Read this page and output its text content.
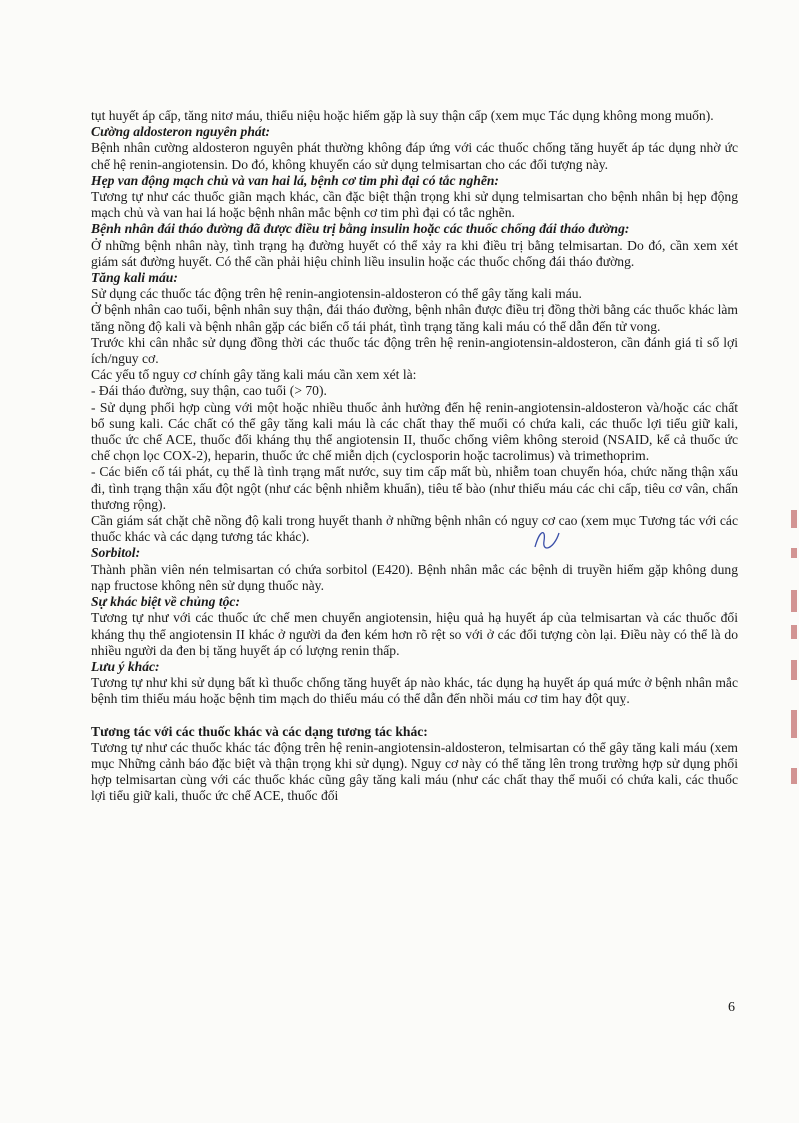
tụt huyết áp cấp, tăng nitơ máu, thiểu niệu hoặc hiếm gặp là suy thận cấp (xem mục Tác dụng không mong muốn).

Cường aldosteron nguyên phát:

Bệnh nhân cường aldosteron nguyên phát thường không đáp ứng với các thuốc chống tăng huyết áp tác dụng nhờ ức chế hệ renin-angiotensin. Do đó, không khuyến cáo sử dụng telmisartan cho các đối tượng này.

Hẹp van động mạch chủ và van hai lá, bệnh cơ tim phì đại có tắc nghẽn:

Tương tự như các thuốc giãn mạch khác, cần đặc biệt thận trọng khi sử dụng telmisartan cho bệnh nhân bị hẹp động mạch chủ và van hai lá hoặc bệnh nhân mắc bệnh cơ tim phì đại có tắc nghẽn.

Bệnh nhân đái tháo đường đã được điều trị bằng insulin hoặc các thuốc chống đái tháo đường:

Ở những bệnh nhân này, tình trạng hạ đường huyết có thể xảy ra khi điều trị bằng telmisartan. Do đó, cần xem xét giám sát đường huyết. Có thể cần phải hiệu chỉnh liều insulin hoặc các thuốc chống đái tháo đường.

Tăng kali máu:

Sử dụng các thuốc tác động trên hệ renin-angiotensin-aldosteron có thể gây tăng kali máu.

Ở bệnh nhân cao tuổi, bệnh nhân suy thận, đái tháo đường, bệnh nhân được điều trị đồng thời bằng các thuốc khác làm tăng nồng độ kali và bệnh nhân gặp các biến cố tái phát, tình trạng tăng kali máu có thể dẫn đến tử vong.

Trước khi cân nhắc sử dụng đồng thời các thuốc tác động trên hệ renin-angiotensin-aldosteron, cần đánh giá tỉ số lợi ích/nguy cơ.

Các yếu tố nguy cơ chính gây tăng kali máu cần xem xét là:

- Đái tháo đường, suy thận, cao tuổi (> 70).

- Sử dụng phối hợp cùng với một hoặc nhiều thuốc ảnh hưởng đến hệ renin-angiotensin-aldosteron và/hoặc các chất bổ sung kali. Các chất có thể gây tăng kali máu là các chất thay thế muối có chứa kali, các thuốc lợi tiểu giữ kali, thuốc ức chế ACE, thuốc đối kháng thụ thể angiotensin II, thuốc chống viêm không steroid (NSAID, kể cả thuốc ức chế chọn lọc COX-2), heparin, thuốc ức chế miễn dịch (cyclosporin hoặc tacrolimus) và trimethoprim.

- Các biến cố tái phát, cụ thể là tình trạng mất nước, suy tim cấp mất bù, nhiễm toan chuyển hóa, chức năng thận xấu đi, tình trạng thận xấu đột ngột (như các bệnh nhiễm khuẩn), tiêu tế bào (như thiếu máu các chi cấp, tiêu cơ vân, chấn thương rộng).

Cần giám sát chặt chẽ nồng độ kali trong huyết thanh ở những bệnh nhân có nguy cơ cao (xem mục Tương tác với các thuốc khác và các dạng tương tác khác).

Sorbitol:

Thành phần viên nén telmisartan có chứa sorbitol (E420). Bệnh nhân mắc các bệnh di truyền hiếm gặp không dung nạp fructose không nên sử dụng thuốc này.

Sự khác biệt về chủng tộc:

Tương tự như với các thuốc ức chế men chuyển angiotensin, hiệu quả hạ huyết áp của telmisartan và các thuốc đối kháng thụ thể angiotensin II khác ở người da đen kém hơn rõ rệt so với ở các đối tượng còn lại. Điều này có thể là do nhiều người da đen bị tăng huyết áp có lượng renin thấp.

Lưu ý khác:

Tương tự như khi sử dụng bất kì thuốc chống tăng huyết áp nào khác, tác dụng hạ huyết áp quá mức ở bệnh nhân mắc bệnh tim thiếu máu hoặc bệnh tim mạch do thiếu máu có thể dẫn đến nhồi máu cơ tim hay đột quỵ.

Tương tác với các thuốc khác và các dạng tương tác khác:

Tương tự như các thuốc khác tác động trên hệ renin-angiotensin-aldosteron, telmisartan có thể gây tăng kali máu (xem mục Những cảnh báo đặc biệt và thận trọng khi sử dụng). Nguy cơ này có thể tăng lên trong trường hợp sử dụng phối hợp telmisartan cùng với các thuốc khác cũng gây tăng kali máu (như các chất thay thế muối có chứa kali, các thuốc lợi tiểu giữ kali, thuốc ức chế ACE, thuốc đối

6
